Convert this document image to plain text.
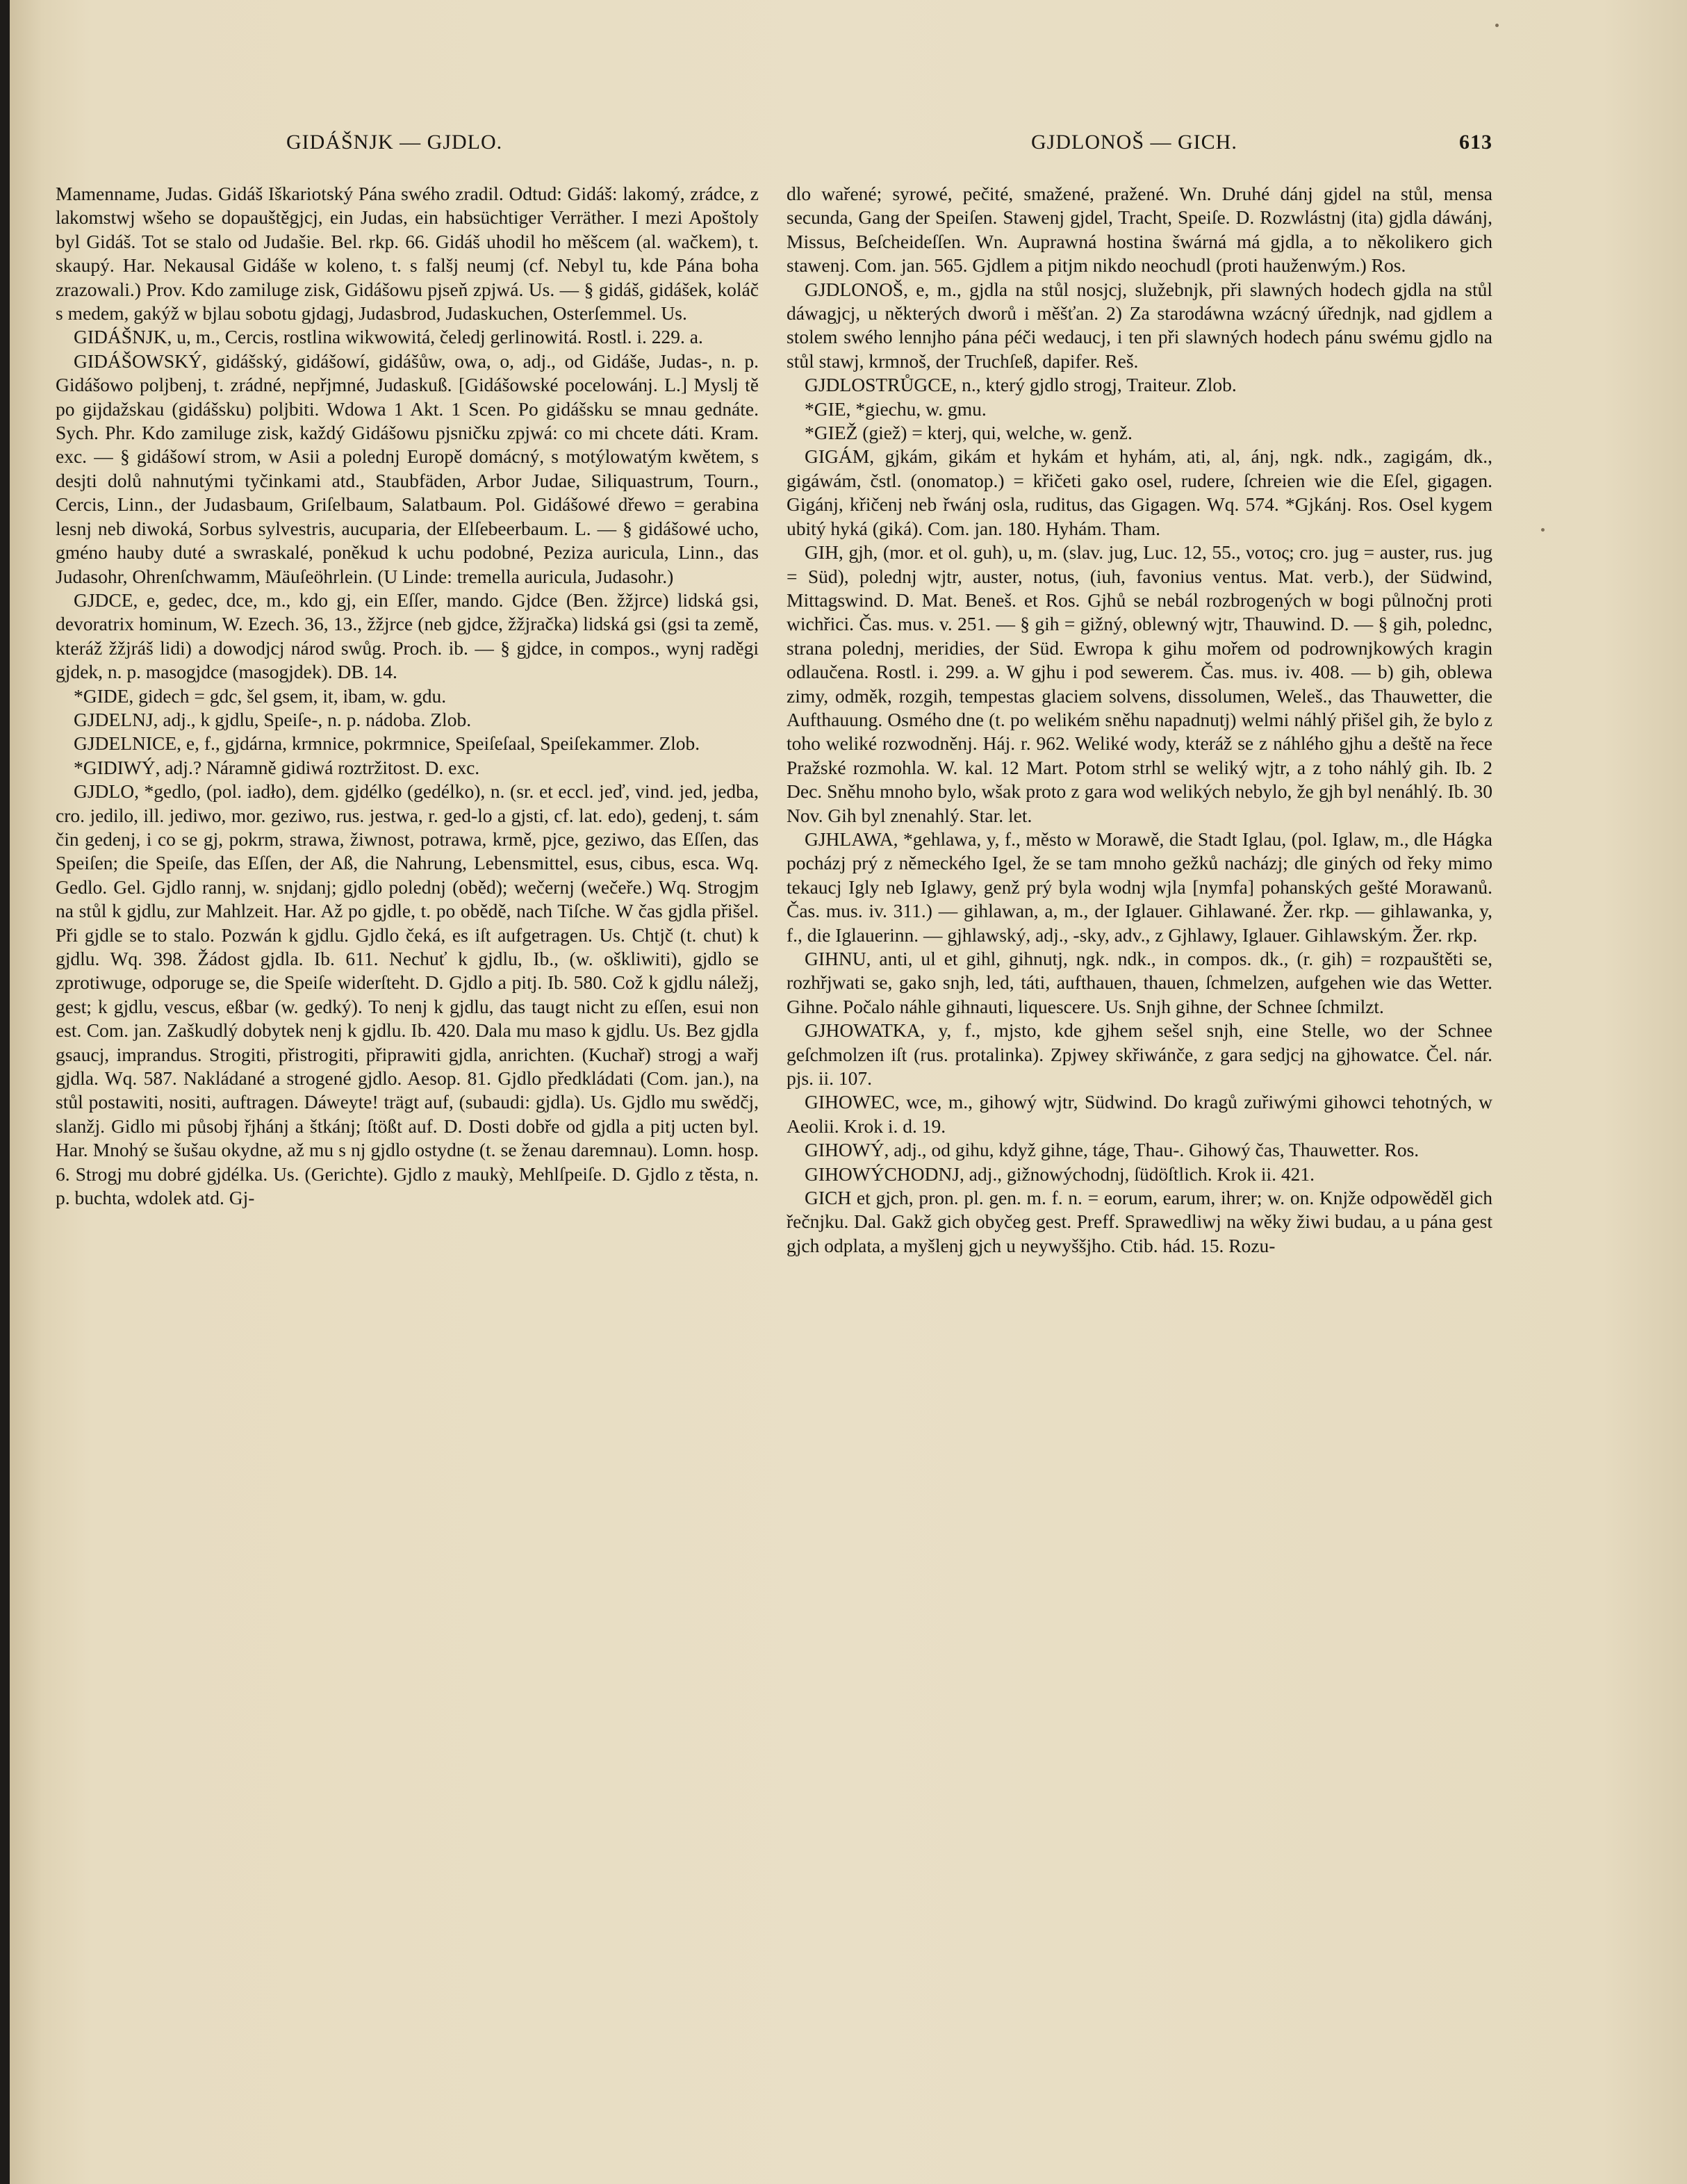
GIDÁŠNJK — GJDLO.	GJDLONOŠ — GICH.	613

Mamenname, Judas. Gidáš Iškariotský Pána swého zradil. Odtud: Gidáš: lakomý, zrádce, z lakomstwj wšeho se dopauštěgjcj, ein Judas, ein habsüchtiger Verräther. I mezi Apoštoly byl Gidáš. Tot se stalo od Judašie. Bel. rkp. 66. Gidáš uhodil ho měšcem (al. wačkem), t. skaupý. Har. Nekausal Gidáše w koleno, t. s falšj neumj (cf. Nebyl tu, kde Pána boha zrazowali.) Prov. Kdo zamiluge zisk, Gidášowu pjseň zpjwá. Us. — § gidáš, gidášek, koláč s medem, gakýž w bjlau sobotu gjdagj, Judasbrod, Judaskuchen, Osterſemmel. Us.

GIDÁŠNJK, u, m., Cercis, rostlina wikwowitá, čeledj gerlinowitá. Rostl. i. 229. a.

GIDÁŠOWSKÝ, gidášský, gidášowí, gidášůw, owa, o, adj., od Gidáše, Judas-, n. p. Gidášowo poljbenj, t. zrádné, nepřjmné, Judaskuß. [Gidášowské pocelowánj. L.] Myslj tě po gijdažskau (gidášsku) poljbiti. Wdowa 1 Akt. 1 Scen. Po gidášsku se mnau gednáte. Sych. Phr. Kdo zamiluge zisk, každý Gidášowu pjsničku zpjwá: co mi chcete dáti. Kram. exc. — § gidášowí strom, w Asii a polednj Europě domácný, s motýlowatým kwětem, s desjti dolů nahnutými tyčinkami atd., Staubfäden, Arbor Judae, Siliquastrum, Tourn., Cercis, Linn., der Judasbaum, Griſelbaum, Salatbaum. Pol. Gidášowé dřewo = gerabina lesnj neb diwoká, Sorbus sylvestris, aucuparia, der Elſebeerbaum. L. — § gidášowé ucho, gméno hauby duté a swraskalé, poněkud k uchu podobné, Peziza auricula, Linn., das Judasohr, Ohrenſchwamm, Mäuſeöhrlein. (U Linde: tremella auricula, Judasohr.)

GJDCE, e, gedec, dce, m., kdo gj, ein Eſſer, mando. Gjdce (Ben. žžjrce) lidská gsi, devoratrix hominum, W. Ezech. 36, 13., žžjrce (neb gjdce, žžjračka) lidská gsi (gsi ta země, kteráž žžjráš lidi) a dowodjcj národ swůg. Proch. ib. — § gjdce, in compos., wynj raděgi gjdek, n. p. masogjdce (masogjdek). DB. 14.

*GIDE, gidech = gdc, šel gsem, it, ibam, w. gdu.

GJDELNJ, adj., k gjdlu, Speiſe-, n. p. nádoba. Zlob.

GJDELNICE, e, f., gjdárna, krmnice, pokrmnice, Speiſeſaal, Speiſekammer. Zlob.

*GIDIWÝ, adj.? Náramně gidiwá roztržitost. D. exc.

GJDLO, *gedlo, (pol. iadło), dem. gjdélko (gedélko), n. (sr. et eccl. jeď, vind. jed, jedba, cro. jedilo, ill. jediwo, mor. geziwo, rus. jestwa, r. ged-lo a gjsti, cf. lat. edo), gedenj, t. sám čin gedenj, i co se gj, pokrm, strawa, žiwnost, potrawa, krmě, pjce, geziwo, das Eſſen, das Speiſen; die Speiſe, das Eſſen, der Aß, die Nahrung, Lebensmittel, esus, cibus, esca. Wq. Gedlo. Gel. Gjdlo rannj, w. snjdanj; gjdlo polednj (oběd); wečernj (wečeře.) Wq. Strogjm na stůl k gjdlu, zur Mahlzeit. Har. Až po gjdle, t. po obědě, nach Tiſche. W čas gjdla přišel. Při gjdle se to stalo. Pozwán k gjdlu. Gjdlo čeká, es iſt aufgetragen. Us. Chtjč (t. chut) k gjdlu. Wq. 398. Žádost gjdla. Ib. 611. Nechuť k gjdlu, Ib., (w. oškliwiti), gjdlo se zprotiwuge, odporuge se, die Speiſe widerſteht. D. Gjdlo a pitj. Ib. 580. Což k gjdlu náležj, gest; k gjdlu, vescus, eßbar (w. gedký). To nenj k gjdlu, das taugt nicht zu eſſen, esui non est. Com. jan. Zaškudlý dobytek nenj k gjdlu. Ib. 420. Dala mu maso k gjdlu. Us. Bez gjdla gsaucj, imprandus. Strogiti, přistrogiti, připrawiti gjdla, anrichten. (Kuchař) strogj a wařj gjdla. Wq. 587. Nakládané a strogené gjdlo. Aesop. 81. Gjdlo předkládati (Com. jan.), na stůl postawiti, nositi, auftragen. Dáweyte! trägt auf, (subaudi: gjdla). Us. Gjdlo mu swědčj, slanžj. Gidlo mi působj řjhánj a štkánj; ſtößt auf. D. Dosti dobře od gjdla a pitj ucten byl. Har. Mnohý se šušau okydne, až mu s nj gjdlo ostydne (t. se ženau daremnau). Lomn. hosp. 6. Strogj mu dobré gjdélka. Us. (Gerichte). Gjdlo z maukỳ, Mehlſpeiſe. D. Gjdlo z těsta, n. p. buchta, wdolek atd. Gj-

dlo wařené; syrowé, pečité, smažené, pražené. Wn. Druhé dánj gjdel na stůl, mensa secunda, Gang der Speiſen. Stawenj gjdel, Tracht, Speiſe. D. Rozwlástnj (ita) gjdla dáwánj, Missus, Beſcheideſſen. Wn. Auprawná hostina šwárná má gjdla, a to několikero gich stawenj. Com. jan. 565. Gjdlem a pitjm nikdo neochudl (proti hauženwým.) Ros.

GJDLONOŠ, e, m., gjdla na stůl nosjcj, služebnjk, při slawných hodech gjdla na stůl dáwagjcj, u některých dworů i měšťan. 2) Za starodáwna wzácný úřednjk, nad gjdlem a stolem swého lennjho pána péči wedaucj, i ten při slawných hodech pánu swému gjdlo na stůl stawj, krmnoš, der Truchſeß, dapifer. Reš.

GJDLOSTRŮGCE, n., který gjdlo strogj, Traiteur. Zlob.

*GIE, *giechu, w. gmu.

*GIEŽ (giež) = kterj, qui, welche, w. genž.

GIGÁM, gjkám, gikám et hykám et hyhám, ati, al, ánj, ngk. ndk., zagigám, dk., gigáwám, čstl. (onomatop.) = křičeti gako osel, rudere, ſchreien wie die Eſel, gigagen. Gigánj, křičenj neb řwánj osla, ruditus, das Gigagen. Wq. 574. *Gjkánj. Ros. Osel kygem ubitý hyká (giká). Com. jan. 180. Hyhám. Tham.

GIH, gjh, (mor. et ol. guh), u, m. (slav. jug, Luc. 12, 55., νοτος; cro. jug = auster, rus. jug = Süd), polednj wjtr, auster, notus, (iuh, favonius ventus. Mat. verb.), der Südwind, Mittagswind. D. Mat. Beneš. et Ros. Gjhů se nebál rozbrogených w bogi půlnočnj proti wichřici. Čas. mus. v. 251. — § gih = gižný, oblewný wjtr, Thauwind. D. — § gih, polednc, strana polednj, meridies, der Süd. Ewropa k gihu mořem od podrownjkowých kragin odlaučena. Rostl. i. 299. a. W gjhu i pod sewerem. Čas. mus. iv. 408. — b) gih, oblewa zimy, odměk, rozgih, tempestas glaciem solvens, dissolumen, Weleš., das Thauwetter, die Aufthauung. Osmého dne (t. po welikém sněhu napadnutj) welmi náhlý přišel gih, že bylo z toho weliké rozwodněnj. Háj. r. 962. Weliké wody, kteráž se z náhlého gjhu a deště na řece Pražské rozmohla. W. kal. 12 Mart. Potom strhl se weliký wjtr, a z toho náhlý gih. Ib. 2 Dec. Sněhu mnoho bylo, wšak proto z gara wod welikých nebylo, že gjh byl nenáhlý. Ib. 30 Nov. Gih byl znenahlý. Star. let.

GJHLAWA, *gehlawa, y, f., město w Morawě, die Stadt Iglau, (pol. Iglaw, m., dle Hágka pocházj prý z německého Igel, že se tam mnoho gežků nacházj; dle giných od řeky mimo tekaucj Igly neb Iglawy, genž prý byla wodnj wjla [nymfa] pohanských gešté Morawanů. Čas. mus. iv. 311.) — gihlawan, a, m., der Iglauer. Gihlawané. Žer. rkp. — gihlawanka, y, f., die Iglauerinn. — gjhlawský, adj., -sky, adv., z Gjhlawy, Iglauer. Gihlawským. Žer. rkp.

GIHNU, anti, ul et gihl, gihnutj, ngk. ndk., in compos. dk., (r. gih) = rozpauštěti se, rozhřjwati se, gako snjh, led, táti, aufthauen, thauen, ſchmelzen, aufgehen wie das Wetter. Gihne. Počalo náhle gihnauti, liquescere. Us. Snjh gihne, der Schnee ſchmilzt.

GJHOWATKA, y, f., mjsto, kde gjhem sešel snjh, eine Stelle, wo der Schnee geſchmolzen iſt (rus. protalinka). Zpjwey skřiwánče, z gara sedjcj na gjhowatce. Čel. nár. pjs. ii. 107.

GIHOWEC, wce, m., gihowý wjtr, Südwind. Do kragů zuřiwými gihowci tehotných, w Aeolii. Krok i. d. 19.

GIHOWÝ, adj., od gihu, když gihne, táge, Thau-. Gihowý čas, Thauwetter. Ros.

GIHOWÝCHODNJ, adj., gižnowýchodnj, ſüdöſtlich. Krok ii. 421.

GICH et gjch, pron. pl. gen. m. f. n. = eorum, earum, ihrer; w. on. Knjže odpowěděl gich řečnjku. Dal. Gakž gich obyčeg gest. Preff. Sprawedliwj na wěky žiwi budau, a u pána gest gjch odplata, a myšlenj gjch u neywyššjho. Ctib. hád. 15. Rozu-
